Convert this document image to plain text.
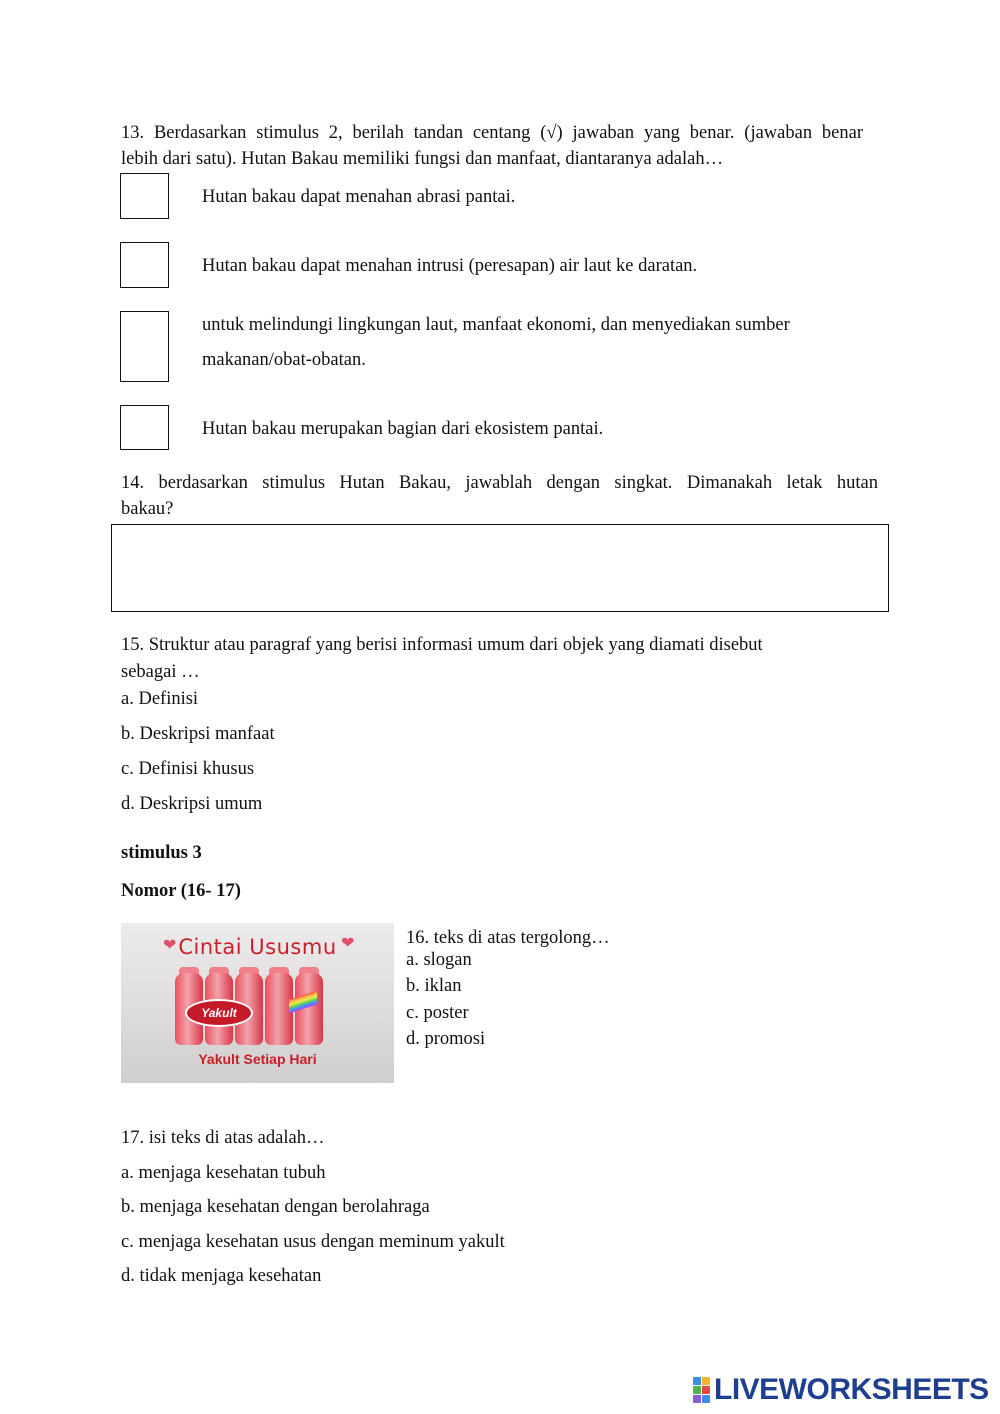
13. Berdasarkan stimulus 2, berilah tandan centang (√) jawaban yang benar. (jawaban benar
lebih dari satu). Hutan Bakau memiliki fungsi dan manfaat, diantaranya adalah…
Hutan bakau dapat menahan abrasi pantai.
Hutan bakau dapat menahan intrusi (peresapan) air laut ke daratan.
untuk melindungi lingkungan laut, manfaat ekonomi, dan menyediakan sumber
makanan/obat-obatan.
Hutan bakau merupakan bagian dari ekosistem pantai.
14. berdasarkan stimulus Hutan Bakau, jawablah dengan singkat. Dimanakah letak hutan
bakau?
15. Struktur atau paragraf yang berisi informasi umum dari objek yang diamati disebut
sebagai …
a. Definisi
b. Deskripsi manfaat
c. Definisi khusus
d. Deskripsi umum
stimulus 3
Nomor (16- 17)
❤	❤
Cintai Ususmu
Yakult
Yakult Setiap Hari
16. teks di atas tergolong…
a. slogan
b. iklan
c. poster
d. promosi
17. isi teks di atas adalah…
a. menjaga kesehatan tubuh
b. menjaga kesehatan dengan berolahraga
c. menjaga kesehatan usus dengan meminum yakult
d. tidak menjaga kesehatan
LIVEWORKSHEETS
